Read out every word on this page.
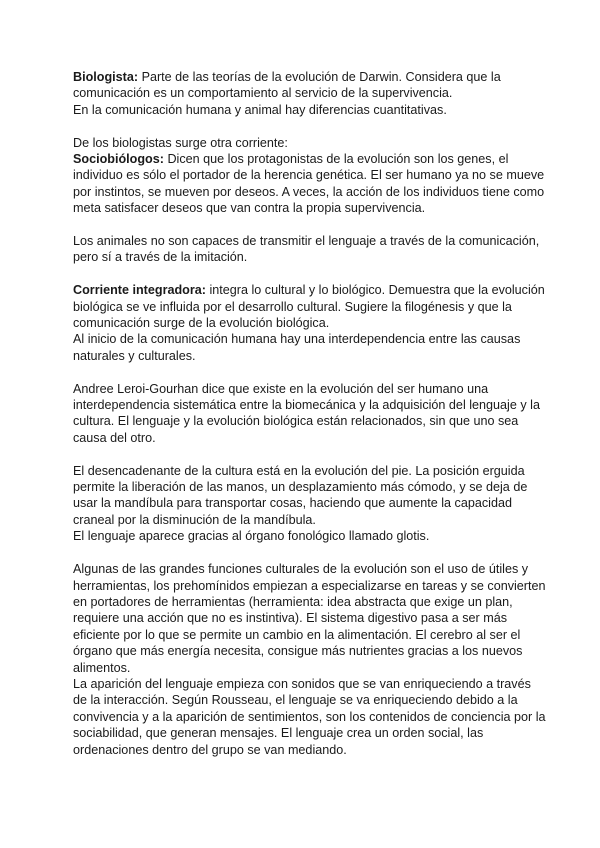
Biologista: Parte de las teorías de la evolución de Darwin. Considera que la
comunicación es un comportamiento al servicio de la supervivencia.
En la comunicación humana y animal hay diferencias cuantitativas.
De los biologistas surge otra corriente:
Sociobiólogos: Dicen que los protagonistas de la evolución son los genes, el
individuo es sólo el portador de la herencia genética. El ser humano ya no se mueve
por instintos, se mueven por deseos. A veces, la acción de los individuos tiene como
meta satisfacer deseos que van contra la propia supervivencia.
Los animales no son capaces de transmitir el lenguaje a través de la comunicación,
pero sí a través de la imitación.
Corriente integradora: integra lo cultural y lo biológico. Demuestra que la evolución
biológica se ve influida por el desarrollo cultural. Sugiere la filogénesis y que la
comunicación surge de la evolución biológica.
Al inicio de la comunicación humana hay una interdependencia entre las causas
naturales y culturales.
Andree Leroi-Gourhan dice que existe en la evolución del ser humano una
interdependencia sistemática entre la biomecánica y la adquisición del lenguaje y la
cultura. El lenguaje y la evolución biológica están relacionados, sin que uno sea
causa del otro.
El desencadenante de la cultura está en la evolución del pie. La posición erguida
permite la liberación de las manos, un desplazamiento más cómodo, y se deja de
usar la mandíbula para transportar cosas, haciendo que aumente la capacidad
craneal por la disminución de la mandíbula.
El lenguaje aparece gracias al órgano fonológico llamado glotis.
Algunas de las grandes funciones culturales de la evolución son el uso de útiles y
herramientas, los prehomínidos empiezan a especializarse en tareas y se convierten
en portadores de herramientas (herramienta: idea abstracta que exige un plan,
requiere una acción que no es instintiva). El sistema digestivo pasa a ser más
eficiente por lo que se permite un cambio en la alimentación. El cerebro al ser el
órgano que más energía necesita, consigue más nutrientes gracias a los nuevos
alimentos.
La aparición del lenguaje empieza con sonidos que se van enriqueciendo a través
de la interacción. Según Rousseau, el lenguaje se va enriqueciendo debido a la
convivencia y a la aparición de sentimientos, son los contenidos de conciencia por la
sociabilidad, que generan mensajes. El lenguaje crea un orden social, las
ordenaciones dentro del grupo se van mediando.
